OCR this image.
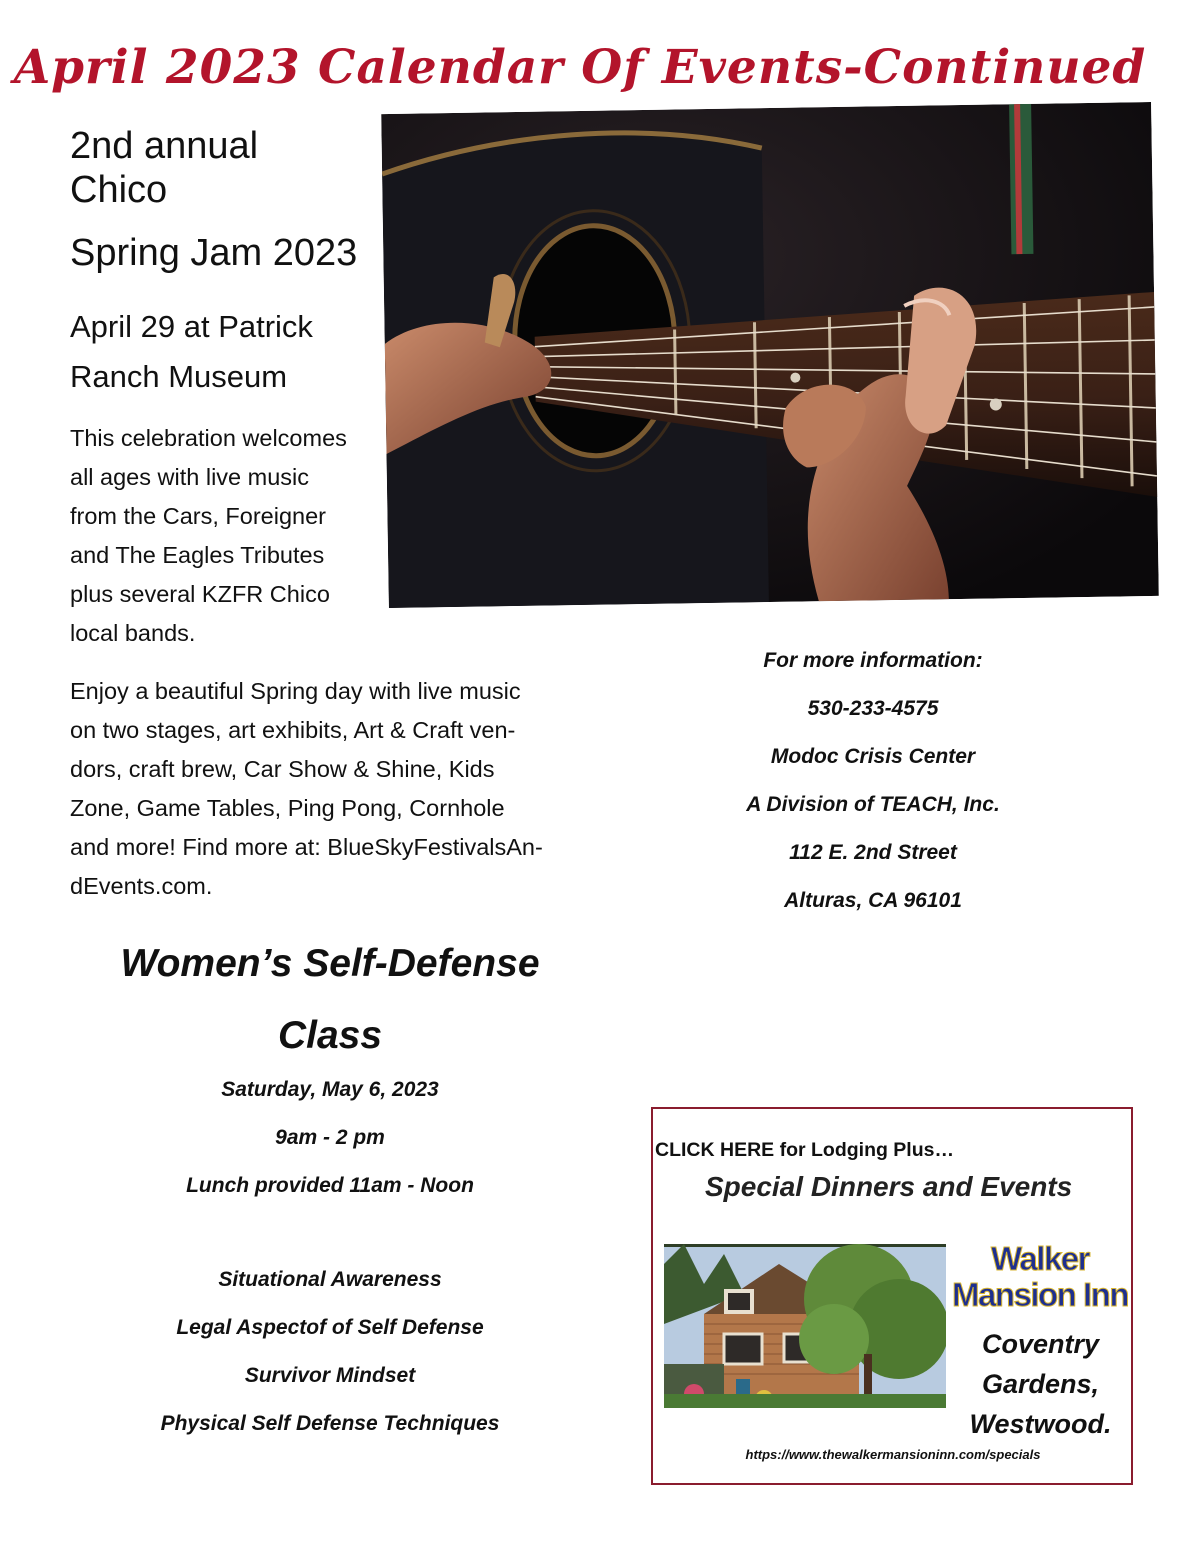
April 2023 Calendar Of Events-Continued

2nd annual

Chico

Spring Jam 2023

April 29 at Patrick

Ranch Museum

This celebration welcomes

all ages with live music

from the Cars, Foreigner

and The Eagles Tributes

plus several KZFR Chico

local bands.

Enjoy a beautiful Spring day with live music

on two stages, art exhibits, Art & Craft ven-

dors, craft brew, Car Show & Shine, Kids

Zone, Game Tables, Ping Pong, Cornhole

and more! Find more at: BlueSkyFestivalsAn-

dEvents.com.

For more information:

530-233-4575

Modoc Crisis Center

A Division of TEACH, Inc.

112 E. 2nd Street

Alturas, CA 96101

Women’s Self-Defense

Class

Saturday, May 6, 2023

9am - 2 pm

Lunch provided 11am - Noon

Situational Awareness

Legal Aspectof of Self Defense

Survivor Mindset

Physical Self Defense Techniques

CLICK HERE for Lodging Plus…
Special Dinners and Events
Walker
Mansion Inn
Coventry
Gardens,
Westwood.
https://www.thewalkermansioninn.com/specials
